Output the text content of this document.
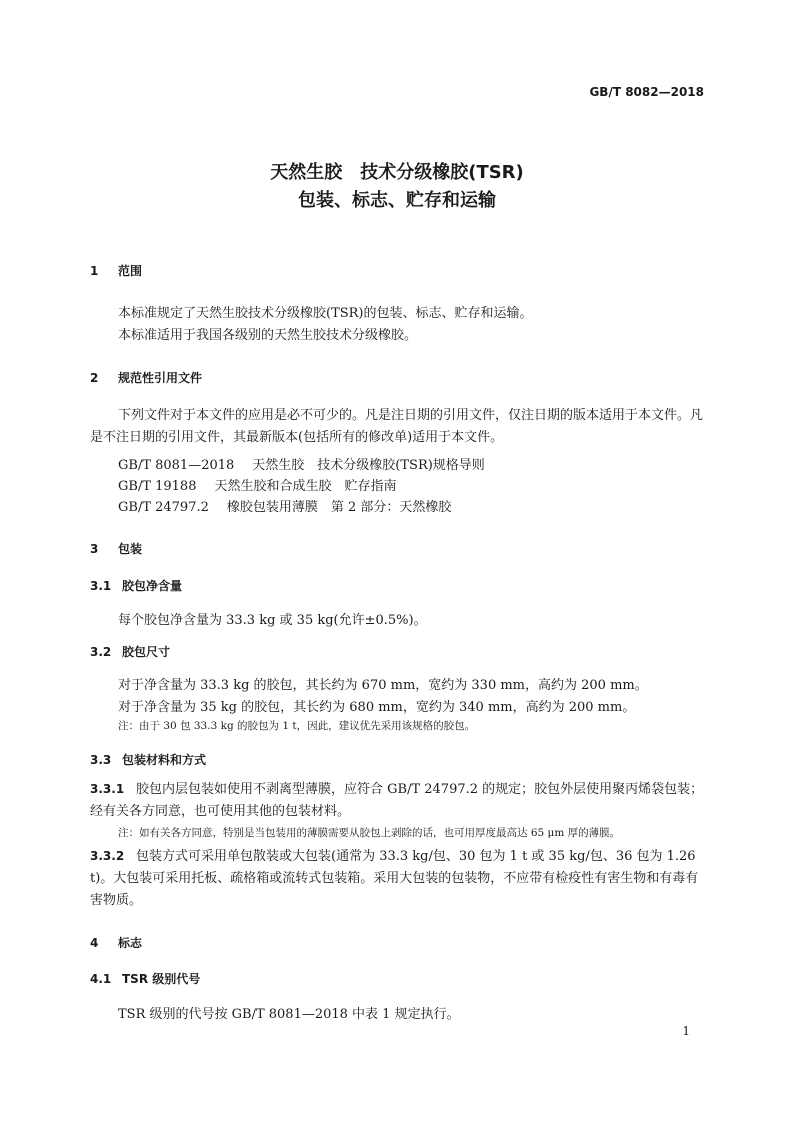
GB/T 8082—2018
天然生胶　技术分级橡胶(TSR)
包装、标志、贮存和运输
1 范围
本标准规定了天然生胶技术分级橡胶(TSR)的包装、标志、贮存和运输。
本标准适用于我国各级别的天然生胶技术分级橡胶。
2 规范性引用文件
下列文件对于本文件的应用是必不可少的。凡是注日期的引用文件，仅注日期的版本适用于本文件。凡是不注日期的引用文件，其最新版本(包括所有的修改单)适用于本文件。
GB/T 8081—2018 天然生胶　技术分级橡胶(TSR)规格导则
GB/T 19188 天然生胶和合成生胶　贮存指南
GB/T 24797.2 橡胶包装用薄膜　第 2 部分：天然橡胶
3 包装
3.1 胶包净含量
每个胶包净含量为 33.3 kg 或 35 kg(允许±0.5%)。
3.2 胶包尺寸
对于净含量为 33.3 kg 的胶包，其长约为 670 mm，宽约为 330 mm，高约为 200 mm。
对于净含量为 35 kg 的胶包，其长约为 680 mm，宽约为 340 mm，高约为 200 mm。
注：由于 30 包 33.3 kg 的胶包为 1 t，因此，建议优先采用该规格的胶包。
3.3 包装材料和方式
3.3.1 胶包内层包装如使用不剥离型薄膜，应符合 GB/T 24797.2 的规定；胶包外层使用聚丙烯袋包装；经有关各方同意，也可使用其他的包装材料。
注：如有关各方同意，特别是当包装用的薄膜需要从胶包上剥除的话，也可用厚度最高达 65 μm 厚的薄膜。
3.3.2 包装方式可采用单包散装或大包装(通常为 33.3 kg/包、30 包为 1 t 或 35 kg/包、36 包为 1.26 t)。大包装可采用托板、疏格箱或流转式包装箱。采用大包装的包装物，不应带有检疫性有害生物和有毒有害物质。
4 标志
4.1 TSR 级别代号
TSR 级别的代号按 GB/T 8081—2018 中表 1 规定执行。
1
